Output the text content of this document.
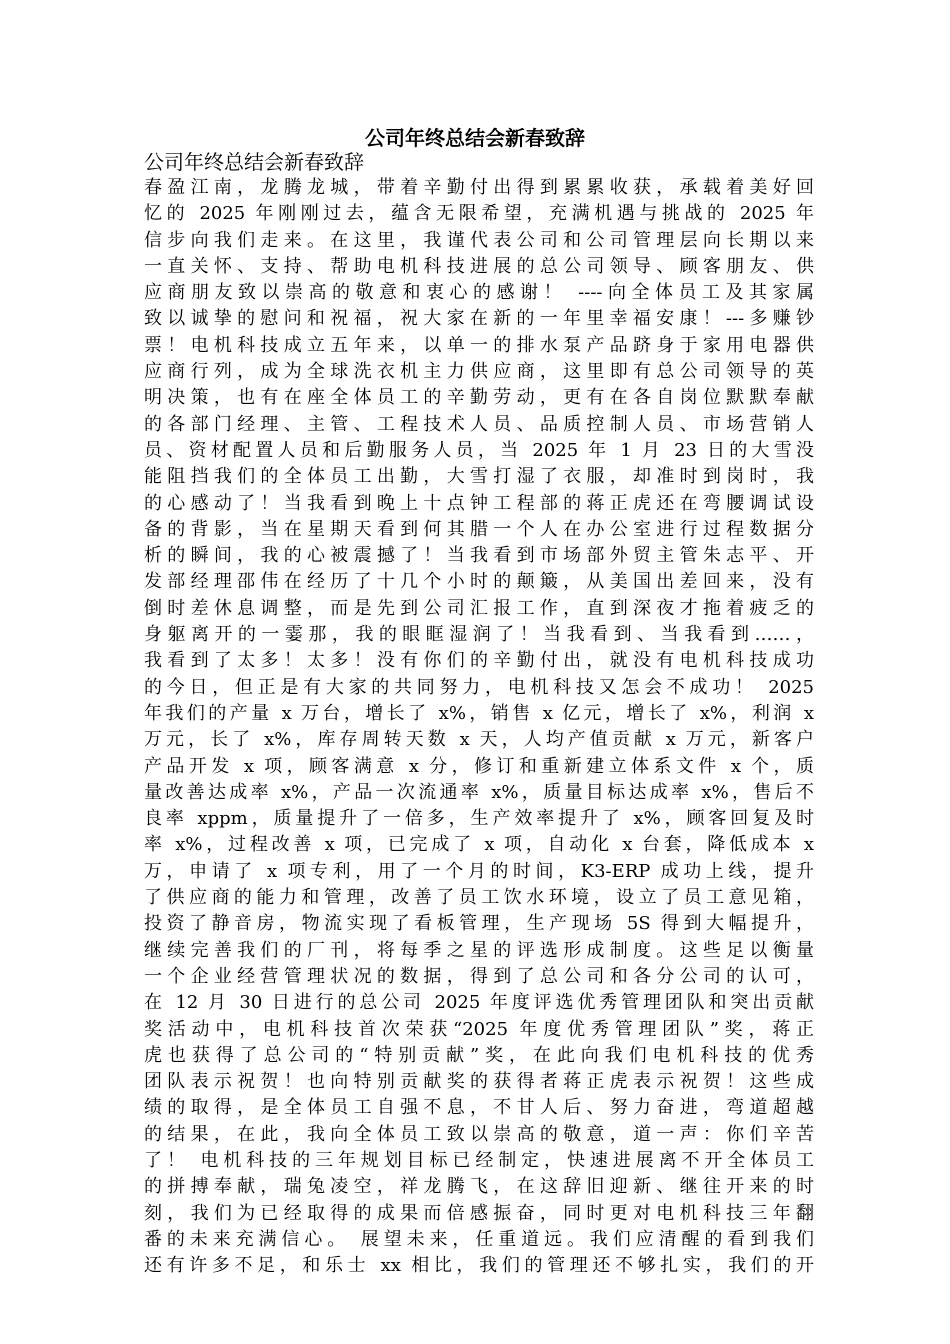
公司年终总结会新春致辞
公司年终总结会新春致辞
春盈江南，龙腾龙城，带着辛勤付出得到累累收获，承载着美好回
忆的 2025 年刚刚过去，蕴含无限希望，充满机遇与挑战的 2025 年
信步向我们走来。在这里，我谨代表公司和公司管理层向长期以来
一直关怀、支持、帮助电机科技进展的总公司领导、顾客朋友、供
应商朋友致以崇高的敬意和衷心的感谢！ ----向全体员工及其家属
致以诚挚的慰问和祝福，祝大家在新的一年里幸福安康！---多赚钞
票！电机科技成立五年来，以单一的排水泵产品跻身于家用电器供
应商行列，成为全球洗衣机主力供应商，这里即有总公司领导的英
明决策，也有在座全体员工的辛勤劳动，更有在各自岗位默默奉献
的各部门经理、主管、工程技术人员、品质控制人员、市场营销人
员、资材配置人员和后勤服务人员，当 2025 年 1 月 23 日的大雪没
能阻挡我们的全体员工出勤，大雪打湿了衣服，却准时到岗时，我
的心感动了！当我看到晚上十点钟工程部的蒋正虎还在弯腰调试设
备的背影，当在星期天看到何其腊一个人在办公室进行过程数据分
析的瞬间，我的心被震撼了！当我看到市场部外贸主管朱志平、开
发部经理邵伟在经历了十几个小时的颠簸，从美国出差回来，没有
倒时差休息调整，而是先到公司汇报工作，直到深夜才拖着疲乏的
身躯离开的一霎那，我的眼眶湿润了！当我看到、当我看到……，
我看到了太多！太多！没有你们的辛勤付出，就没有电机科技成功
的今日，但正是有大家的共同努力，电机科技又怎会不成功！ 2025
年我们的产量 x 万台，增长了 x%，销售 x 亿元，增长了 x%，利润 x
万元，长了 x%，库存周转天数 x 天，人均产值贡献 x 万元，新客户
产品开发 x 项，顾客满意 x 分，修订和重新建立体系文件 x 个，质
量改善达成率 x%，产品一次流通率 x%，质量目标达成率 x%，售后不
良率 xppm，质量提升了一倍多，生产效率提升了 x%，顾客回复及时
率 x%，过程改善 x 项，已完成了 x 项，自动化 x 台套，降低成本 x
万，申请了 x 项专利，用了一个月的时间，K3-ERP 成功上线，提升
了供应商的能力和管理，改善了员工饮水环境，设立了员工意见箱，
投资了静音房，物流实现了看板管理，生产现场 5S 得到大幅提升，
继续完善我们的厂刊，将每季之星的评选形成制度。这些足以衡量
一个企业经营管理状况的数据，得到了总公司和各分公司的认可，
在 12 月 30 日进行的总公司 2025 年度评选优秀管理团队和突出贡献
奖活动中，电机科技首次荣获“2025 年度优秀管理团队”奖，蒋正
虎也获得了总公司的“特别贡献”奖，在此向我们电机科技的优秀
团队表示祝贺！也向特别贡献奖的获得者蒋正虎表示祝贺！这些成
绩的取得，是全体员工自强不息，不甘人后、努力奋进，弯道超越
的结果，在此，我向全体员工致以崇高的敬意，道一声：你们辛苦
了！ 电机科技的三年规划目标已经制定，快速进展离不开全体员工
的拼搏奉献，瑞兔凌空，祥龙腾飞，在这辞旧迎新、继往开来的时
刻，我们为已经取得的成果而倍感振奋，同时更对电机科技三年翻
番的未来充满信心。 展望未来，任重道远。我们应清醒的看到我们
还有许多不足，和乐士 xx 相比，我们的管理还不够扎实，我们的开
